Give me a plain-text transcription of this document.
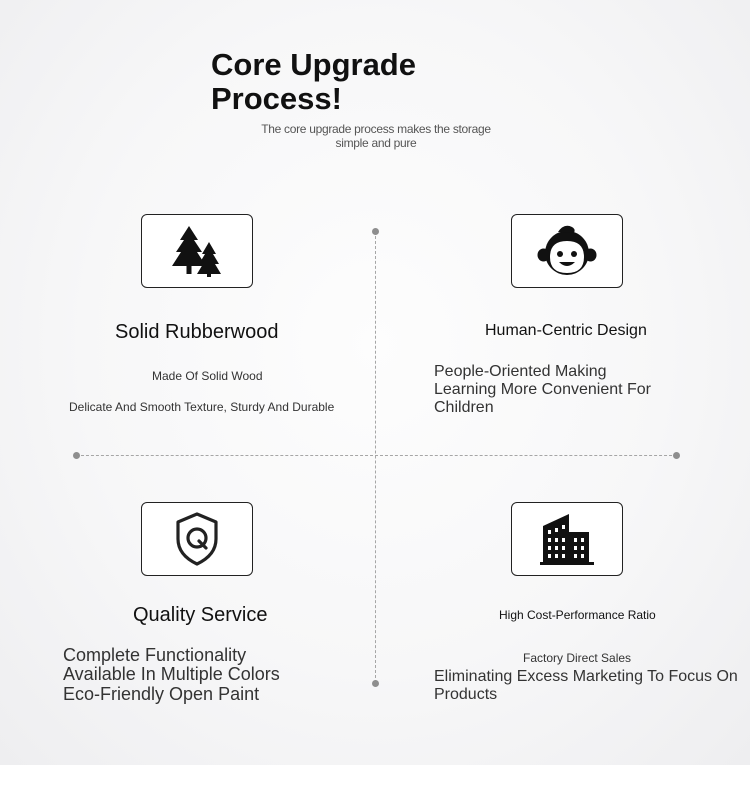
Core Upgrade
Process!
The core upgrade process makes the storage
simple and pure
Solid Rubberwood
Made Of Solid Wood
Delicate And Smooth Texture, Sturdy And Durable
Human-Centric Design
People-Oriented Making
Learning More Convenient For
Children
Quality Service
Complete Functionality
Available In Multiple Colors
Eco-Friendly Open Paint
High Cost-Performance Ratio
Factory Direct Sales
Eliminating Excess Marketing To Focus On
Products
